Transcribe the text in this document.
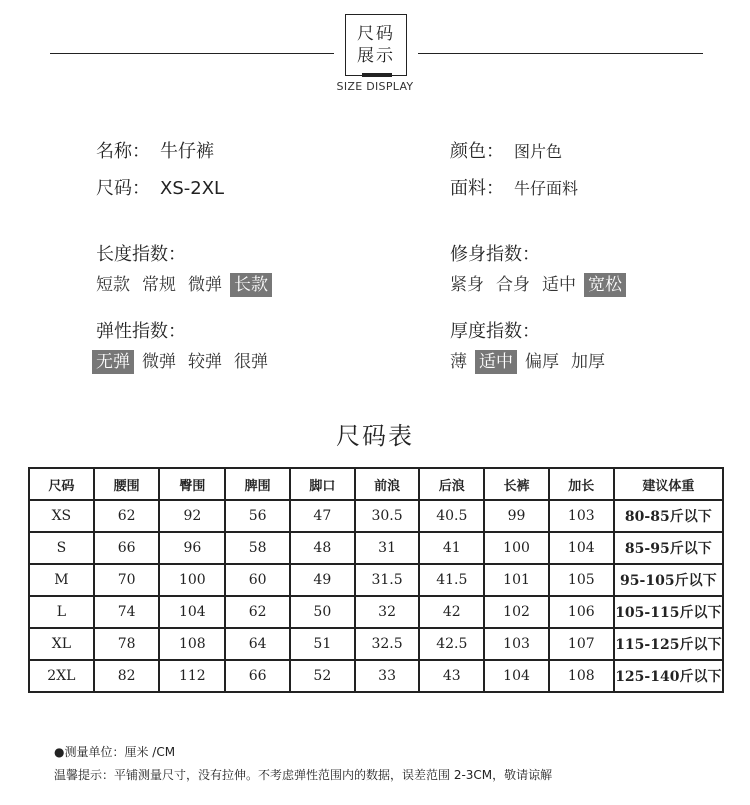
尺码
展示
SIZE DISPLAY
名称： 牛仔裤	颜色： 图片色
尺码： XS-2XL	面料： 牛仔面料
长度指数：
短款 常规 微弹 长款
修身指数：
紧身 合身 适中 宽松
弹性指数：
无弹 微弹 较弹 很弹
厚度指数：
薄 适中 偏厚 加厚
尺码表
尺码	腰围	臀围	脾围	脚口	前浪	后浪	长裤	加长	建议体重
XS	62	92	56	47	30.5	40.5	99	103	80-85斤以下
S	66	96	58	48	31	41	100	104	85-95斤以下
M	70	100	60	49	31.5	41.5	101	105	95-105斤以下
L	74	104	62	50	32	42	102	106	105-115斤以下
XL	78	108	64	51	32.5	42.5	103	107	115-125斤以下
2XL	82	112	66	52	33	43	104	108	125-140斤以下
●测量单位：厘米 /CM
温馨提示：平铺测量尺寸，没有拉伸。不考虑弹性范围内的数据，误差范围 2-3CM，敬请谅解
